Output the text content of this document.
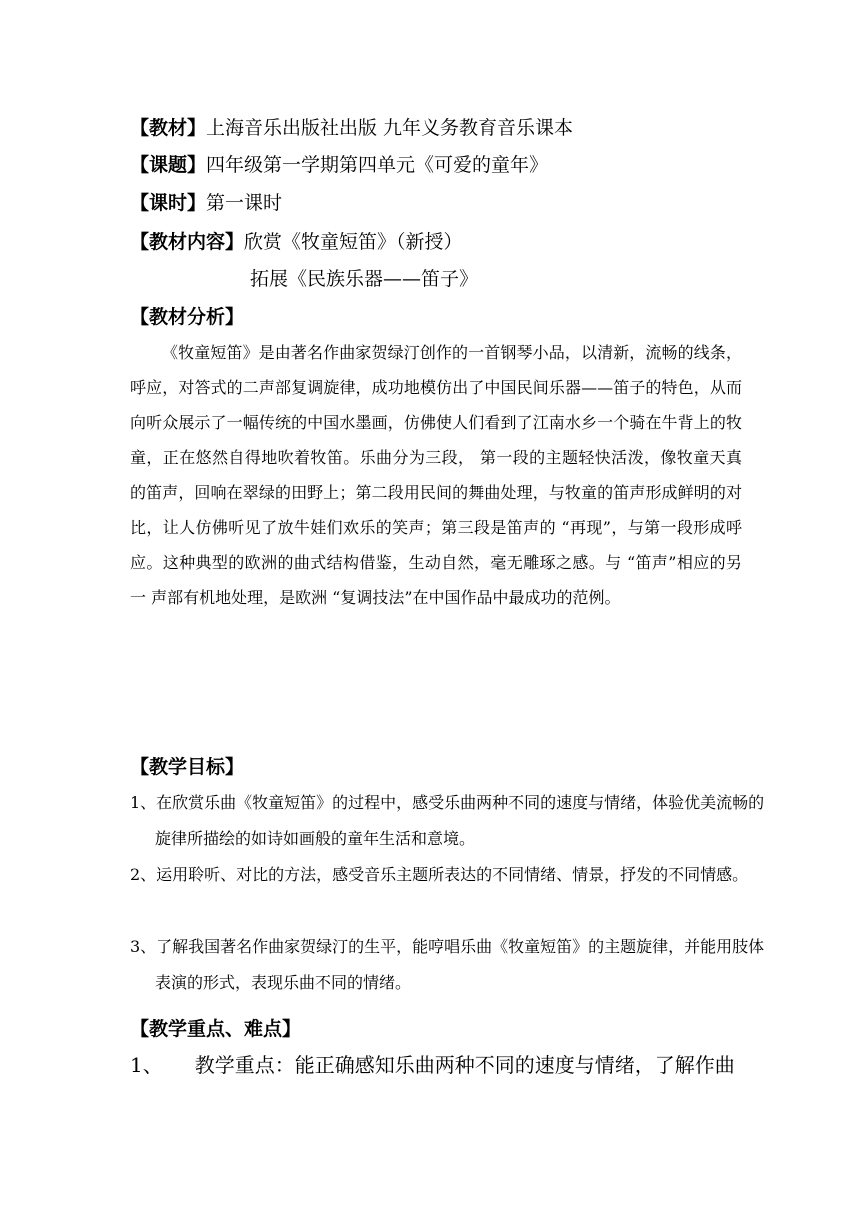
【教材】上海音乐出版社出版 九年义务教育音乐课本
【课题】四年级第一学期第四单元《可爱的童年》
【课时】第一课时
【教材内容】欣赏《牧童短笛》（新授）
拓展《民族乐器——笛子》
【教材分析】
《牧童短笛》是由著名作曲家贺绿汀创作的一首钢琴小品，以清新，流畅的线条，呼应，对答式的二声部复调旋律，成功地模仿出了中国民间乐器——笛子的特色，从而向听众展示了一幅传统的中国水墨画，仿佛使人们看到了江南水乡一个骑在牛背上的牧童，正在悠然自得地吹着牧笛。乐曲分为三段， 第一段的主题轻快活泼，像牧童天真的笛声，回响在翠绿的田野上；第二段用民间的舞曲处理，与牧童的笛声形成鲜明的对比，让人仿佛听见了放牛娃们欢乐的笑声；第三段是笛声的 “再现”，与第一段形成呼应。这种典型的欧洲的曲式结构借鉴，生动自然，毫无雕琢之感。与 “笛声”相应的另一 声部有机地处理，是欧洲 “复调技法”在中国作品中最成功的范例。
【教学目标】
1、在欣赏乐曲《牧童短笛》的过程中，感受乐曲两种不同的速度与情绪，体验优美流畅的旋律所描绘的如诗如画般的童年生活和意境。
2、运用聆听、对比的方法，感受音乐主题所表达的不同情绪、情景，抒发的不同情感。
3、了解我国著名作曲家贺绿汀的生平，能哼唱乐曲《牧童短笛》的主题旋律，并能用肢体表演的形式，表现乐曲不同的情绪。
【教学重点、难点】
1、 教学重点：能正确感知乐曲两种不同的速度与情绪，了解作曲
